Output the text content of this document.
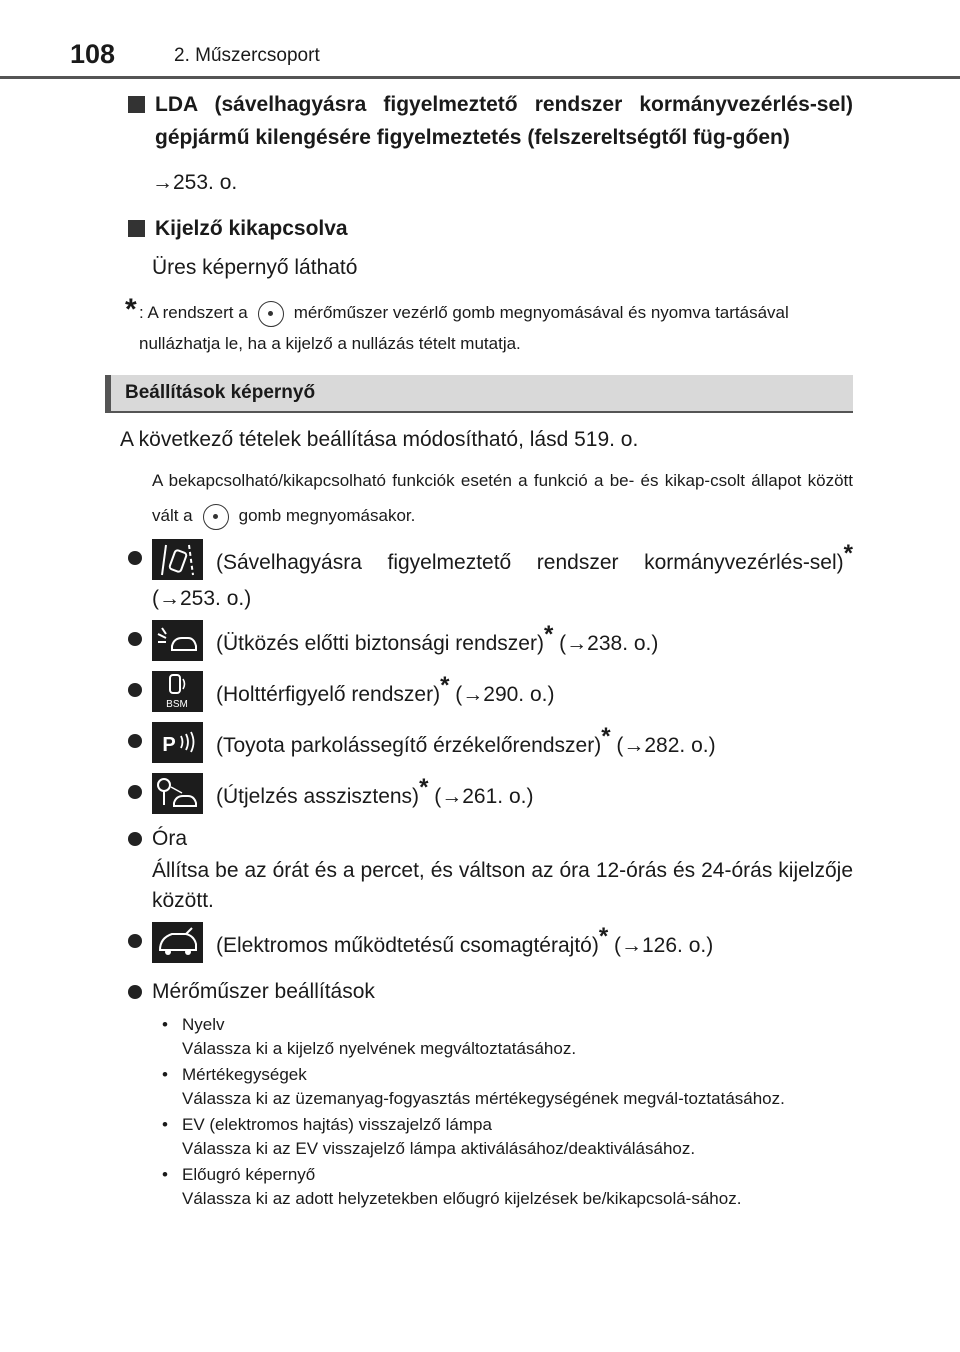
108	2. Műszercsoport
LDA (sávelhagyásra figyelmeztető rendszer kormányvezérlés-sel) gépjármű kilengésére figyelmeztetés (felszereltségtől füg-gően)
→253. o.
Kijelző kikapcsolva
Üres képernyő látható
* : A rendszert a	mérőműszer vezérlő gomb megnyomásával és nyomva tartásával nullázhatja le, ha a kijelző a nullázás tételt mutatja.
Beállítások képernyő
A következő tételek beállítása módosítható, lásd 519. o.
A bekapcsolható/kikapcsolható funkciók esetén a funkció a be- és kikap-csolt állapot között vált a	gomb megnyomásakor.
(Sávelhagyásra figyelmeztető rendszer kormányvezérlés-sel)* (→253. o.)
(Ütközés előtti biztonsági rendszer)* (→238. o.)
BSM (Holttérfigyelő rendszer)* (→290. o.)
P (Toyota parkolássegítő érzékelőrendszer)* (→282. o.)
(Útjelzés asszisztens)* (→261. o.)
Óra
Állítsa be az órát és a percet, és váltson az óra 12-órás és 24-órás kijelzője között.
(Elektromos működtetésű csomagtérajtó)* (→126. o.)
Mérőműszer beállítások
• Nyelv
Válassza ki a kijelző nyelvének megváltoztatásához.
• Mértékegységek
Válassza ki az üzemanyag-fogyasztás mértékegységének megvál-toztatásához.
• EV (elektromos hajtás) visszajelző lámpa
Válassza ki az EV visszajelző lámpa aktiválásához/deaktiválásához.
• Előugró képernyő
Válassza ki az adott helyzetekben előugró kijelzések be/kikapcsolá-sához.
